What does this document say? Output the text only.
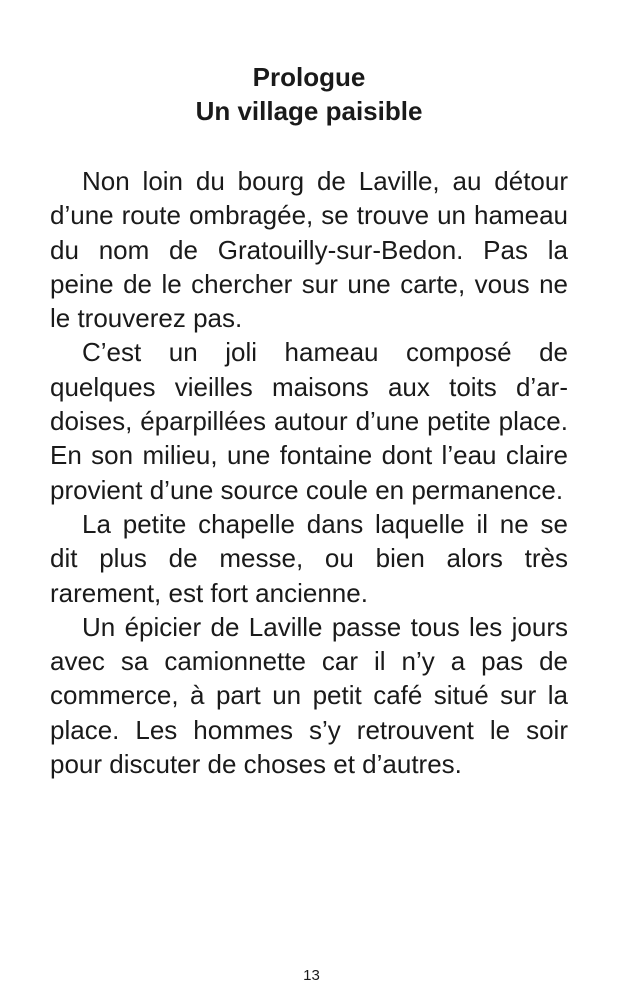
Prologue
Un village paisible

Non loin du bourg de Laville, au détour d’une route ombragée, se trouve un hameau du nom de Gratouilly-sur-Bedon. Pas la peine de le chercher sur une carte, vous ne le trouverez pas.

C’est un joli hameau composé de quelques vieilles maisons aux toits d’ardoises, éparpillées autour d’une petite place. En son milieu, une fontaine dont l’eau claire provient d’une source coule en permanence.

La petite chapelle dans laquelle il ne se dit plus de messe, ou bien alors très rarement, est fort ancienne.

Un épicier de Laville passe tous les jours avec sa camionnette car il n’y a pas de commerce, à part un petit café situé sur la place. Les hommes s’y retrouvent le soir pour discuter de choses et d’autres.

13
